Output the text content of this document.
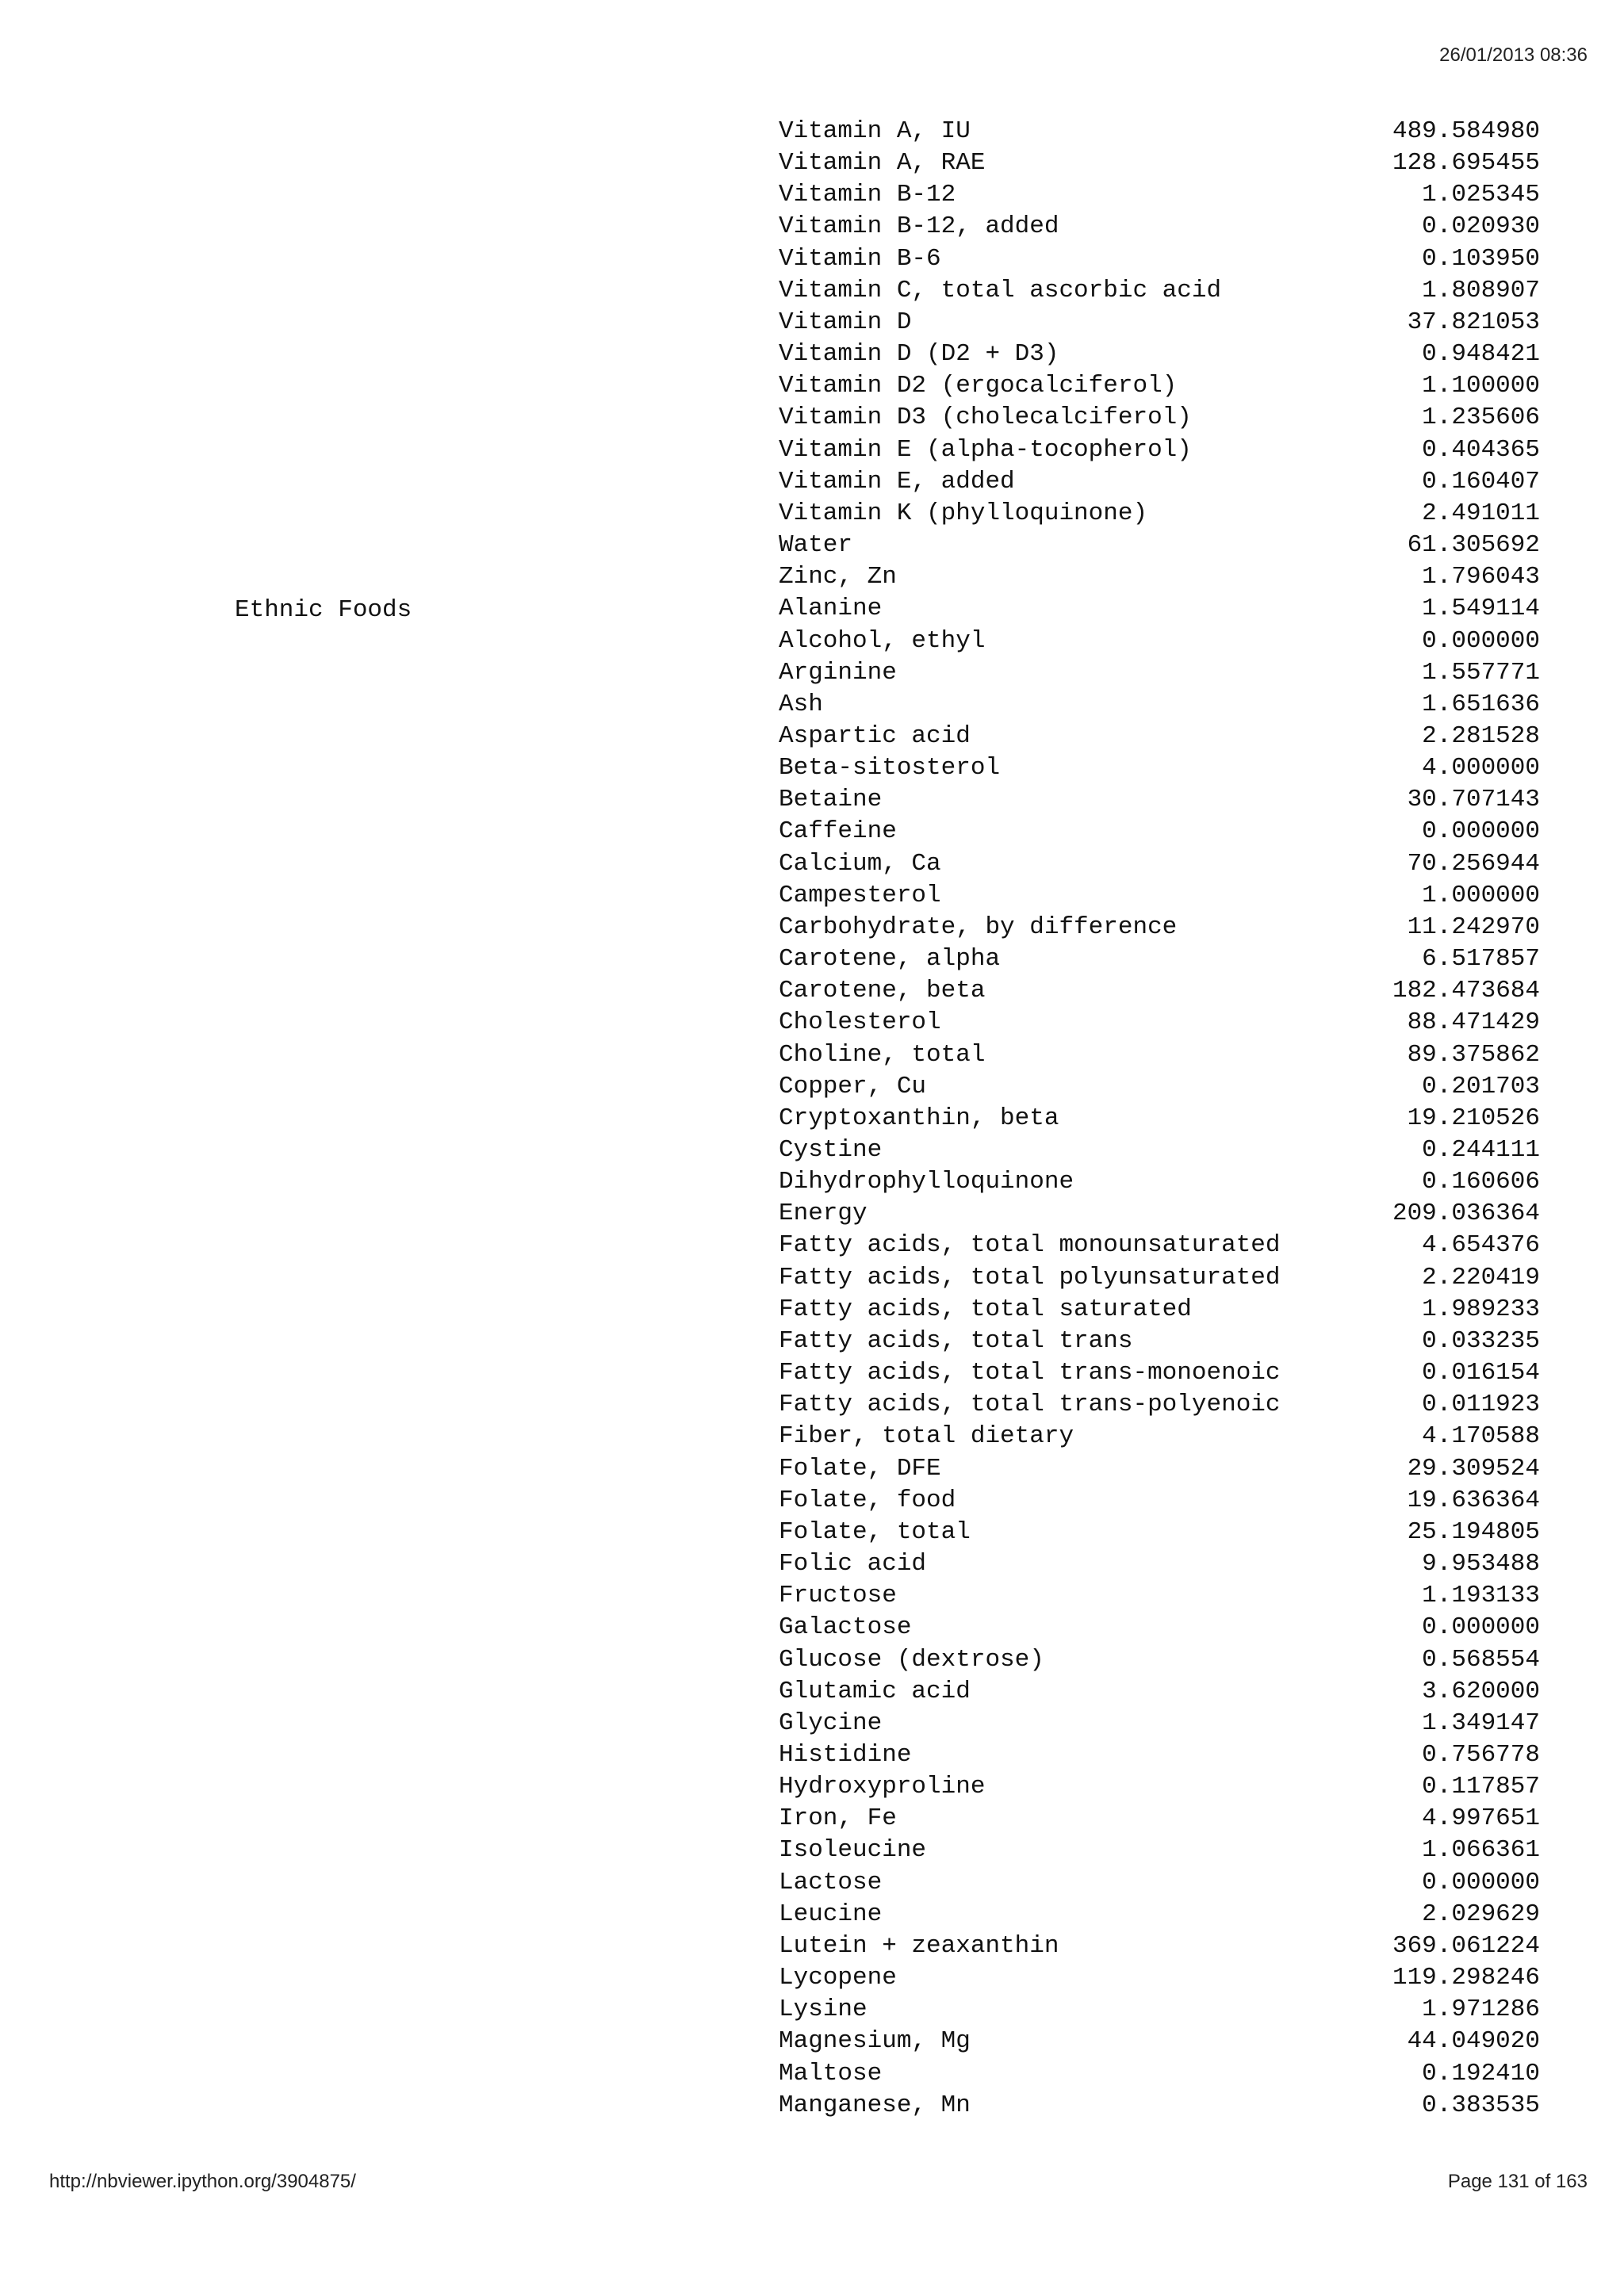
26/01/2013 08:36
Ethnic Foods
Vitamin A, IU	489.584980
Vitamin A, RAE	128.695455
Vitamin B-12	1.025345
Vitamin B-12, added	0.020930
Vitamin B-6	0.103950
Vitamin C, total ascorbic acid	1.808907
Vitamin D	37.821053
Vitamin D (D2 + D3)	0.948421
Vitamin D2 (ergocalciferol)	1.100000
Vitamin D3 (cholecalciferol)	1.235606
Vitamin E (alpha-tocopherol)	0.404365
Vitamin E, added	0.160407
Vitamin K (phylloquinone)	2.491011
Water	61.305692
Zinc, Zn	1.796043
Alanine	1.549114
Alcohol, ethyl	0.000000
Arginine	1.557771
Ash	1.651636
Aspartic acid	2.281528
Beta-sitosterol	4.000000
Betaine	30.707143
Caffeine	0.000000
Calcium, Ca	70.256944
Campesterol	1.000000
Carbohydrate, by difference	11.242970
Carotene, alpha	6.517857
Carotene, beta	182.473684
Cholesterol	88.471429
Choline, total	89.375862
Copper, Cu	0.201703
Cryptoxanthin, beta	19.210526
Cystine	0.244111
Dihydrophylloquinone	0.160606
Energy	209.036364
Fatty acids, total monounsaturated	4.654376
Fatty acids, total polyunsaturated	2.220419
Fatty acids, total saturated	1.989233
Fatty acids, total trans	0.033235
Fatty acids, total trans-monoenoic	0.016154
Fatty acids, total trans-polyenoic	0.011923
Fiber, total dietary	4.170588
Folate, DFE	29.309524
Folate, food	19.636364
Folate, total	25.194805
Folic acid	9.953488
Fructose	1.193133
Galactose	0.000000
Glucose (dextrose)	0.568554
Glutamic acid	3.620000
Glycine	1.349147
Histidine	0.756778
Hydroxyproline	0.117857
Iron, Fe	4.997651
Isoleucine	1.066361
Lactose	0.000000
Leucine	2.029629
Lutein + zeaxanthin	369.061224
Lycopene	119.298246
Lysine	1.971286
Magnesium, Mg	44.049020
Maltose	0.192410
Manganese, Mn	0.383535
http://nbviewer.ipython.org/3904875/	Page 131 of 163
